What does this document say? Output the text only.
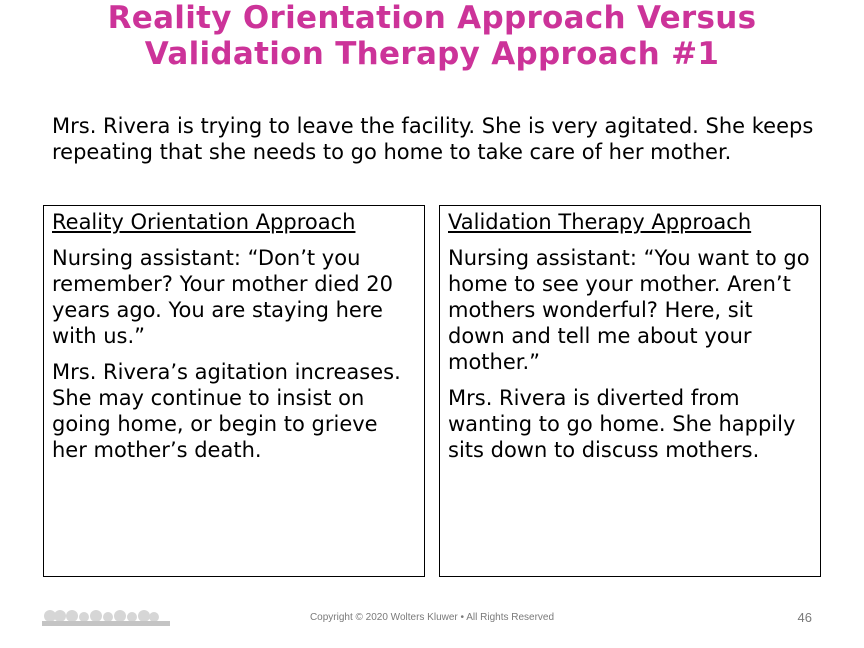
Reality Orientation Approach Versus
Validation Therapy Approach #1

Mrs. Rivera is trying to leave the facility. She is very agitated. She keeps repeating that she needs to go home to take care of her mother.

Reality Orientation Approach

Nursing assistant: “Don’t you remember? Your mother died 20 years ago. You are staying here with us.”

Mrs. Rivera’s agitation increases. She may continue to insist on going home, or begin to grieve her mother’s death.

Validation Therapy Approach

Nursing assistant: “You want to go home to see your mother. Aren’t mothers wonderful? Here, sit down and tell me about your mother.”

Mrs. Rivera is diverted from wanting to go home. She happily sits down to discuss mothers.

Copyright © 2020 Wolters Kluwer • All Rights Reserved	46
